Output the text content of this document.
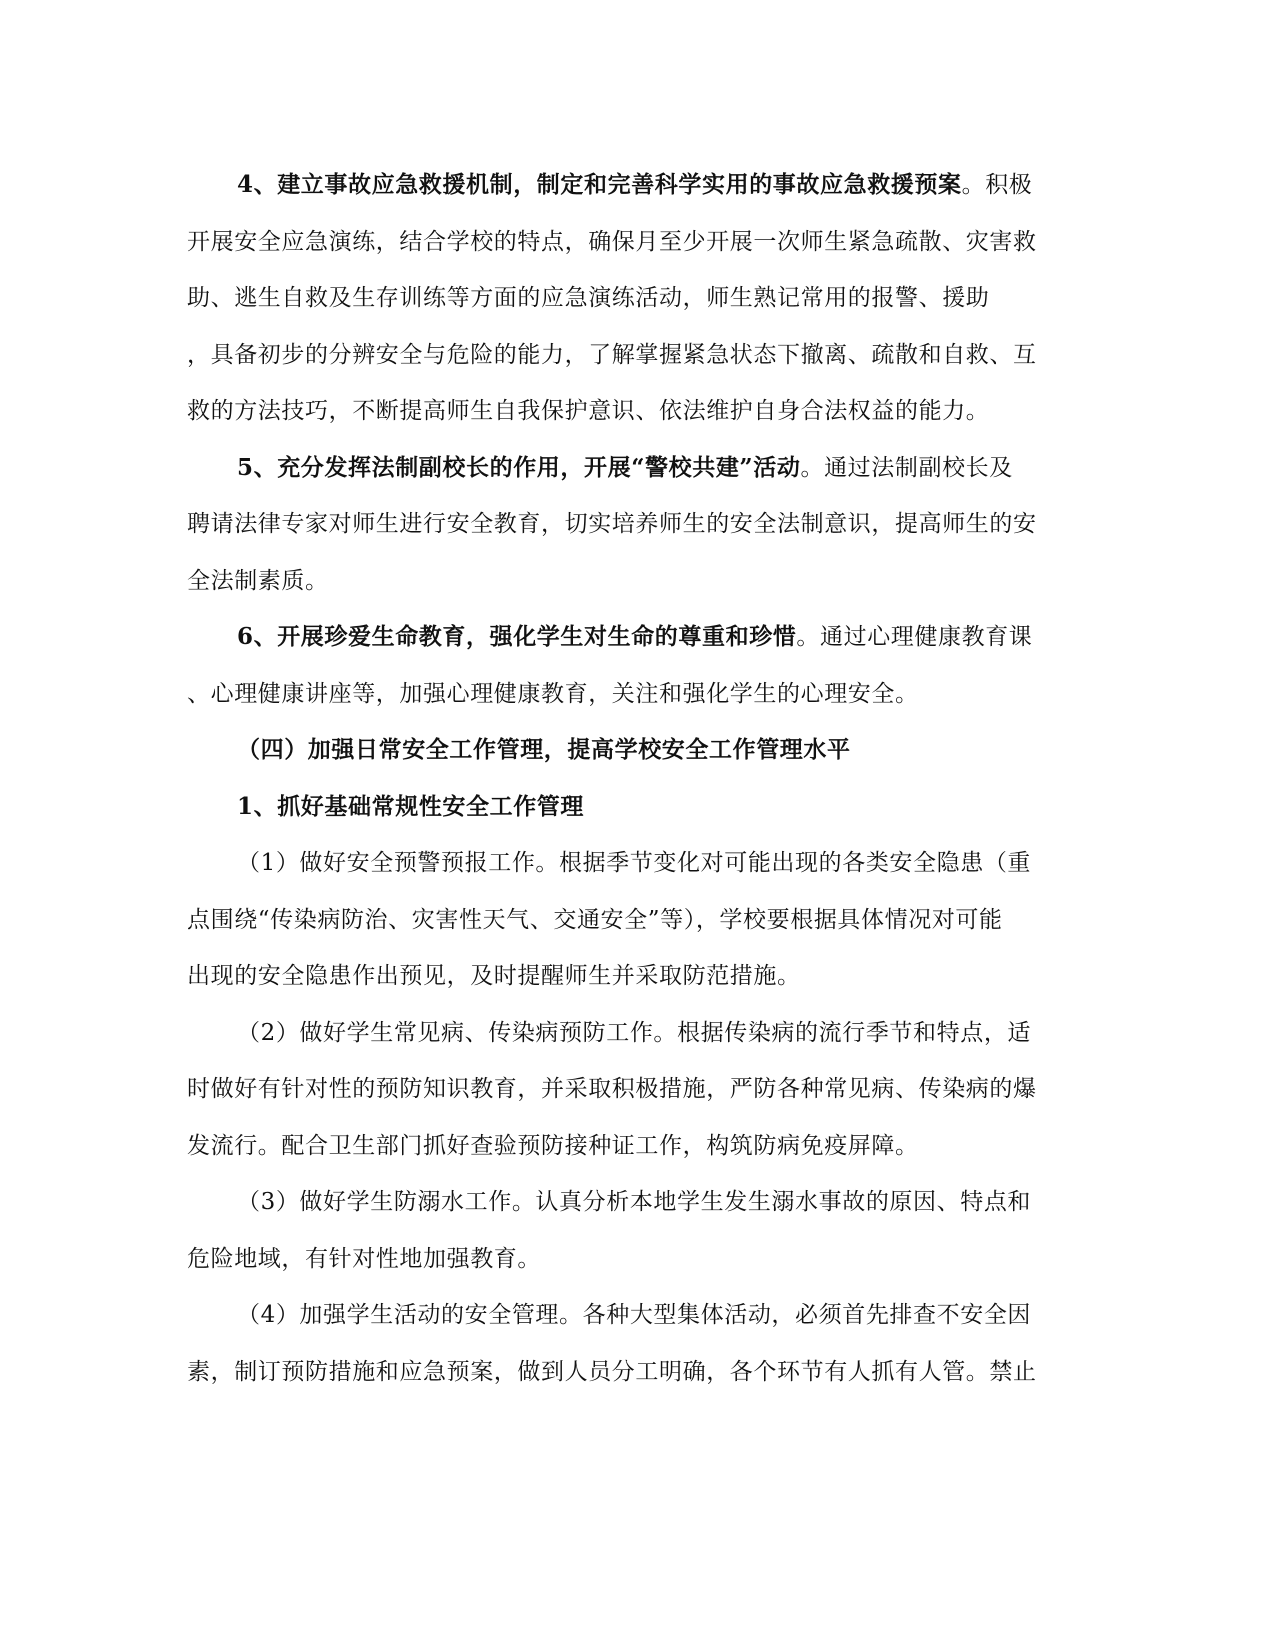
4、建立事故应急救援机制，制定和完善科学实用的事故应急救援预案。积极
开展安全应急演练，结合学校的特点，确保月至少开展一次师生紧急疏散、灾害救
助、逃生自救及生存训练等方面的应急演练活动，师生熟记常用的报警、援助
，具备初步的分辨安全与危险的能力，了解掌握紧急状态下撤离、疏散和自救、互
救的方法技巧，不断提高师生自我保护意识、依法维护自身合法权益的能力。
5、充分发挥法制副校长的作用，开展“警校共建”活动。通过法制副校长及
聘请法律专家对师生进行安全教育，切实培养师生的安全法制意识，提高师生的安
全法制素质。
6、开展珍爱生命教育，强化学生对生命的尊重和珍惜。通过心理健康教育课
、心理健康讲座等，加强心理健康教育，关注和强化学生的心理安全。
（四）加强日常安全工作管理，提高学校安全工作管理水平
1、抓好基础常规性安全工作管理
（1）做好安全预警预报工作。根据季节变化对可能出现的各类安全隐患（重
点围绕“传染病防治、灾害性天气、交通安全”等），学校要根据具体情况对可能
出现的安全隐患作出预见，及时提醒师生并采取防范措施。
（2）做好学生常见病、传染病预防工作。根据传染病的流行季节和特点，适
时做好有针对性的预防知识教育，并采取积极措施，严防各种常见病、传染病的爆
发流行。配合卫生部门抓好查验预防接种证工作，构筑防病免疫屏障。
（3）做好学生防溺水工作。认真分析本地学生发生溺水事故的原因、特点和
危险地域，有针对性地加强教育。
（4）加强学生活动的安全管理。各种大型集体活动，必须首先排查不安全因
素，制订预防措施和应急预案，做到人员分工明确，各个环节有人抓有人管。禁止
